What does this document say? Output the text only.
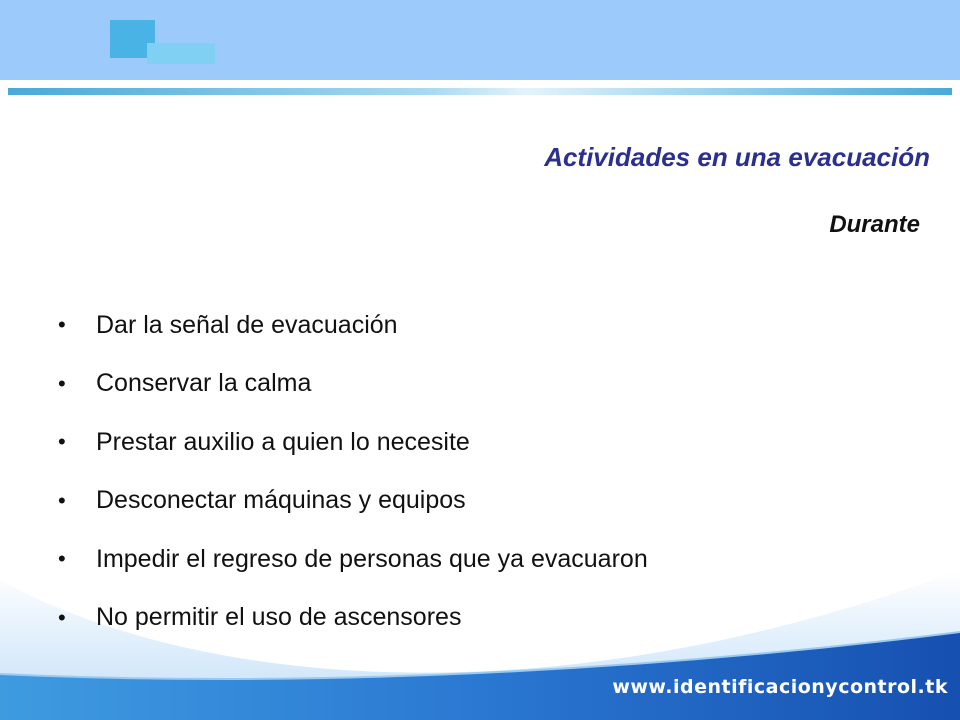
Actividades en una evacuación
Durante
•	Dar la señal de evacuación
•	Conservar la calma
•	Prestar auxilio a quien lo necesite
•	Desconectar máquinas y equipos
•	Impedir el regreso de personas que ya evacuaron
•	No permitir el uso de ascensores
www.identificacionycontrol.tk
